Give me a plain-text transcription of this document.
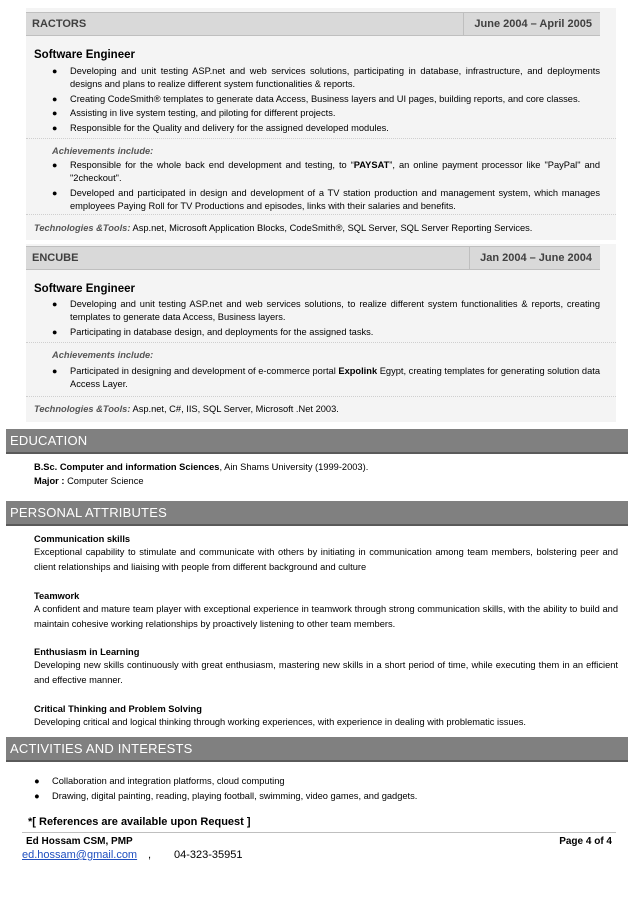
RACTORS	June 2004 – April 2005
Software Engineer
● Developing and unit testing ASP.net and web services solutions, participating in database, infrastructure, and deployments designs and plans to realize different system functionalities & reports.
● Creating CodeSmith® templates to generate data Access, Business layers and UI pages, building reports, and core classes.
● Assisting in live system testing, and piloting for different projects.
● Responsible for the Quality and delivery for the assigned developed modules.
Achievements include:
● Responsible for the whole back end development and testing, to “PAYSAT”, an online payment processor like "PayPal" and "2checkout".
● Developed and participated in design and development of a TV station production and management system, which manages employees Paying Roll for TV Productions and episodes, links with their salaries and benefits.
Technologies &Tools: Asp.net, Microsoft Application Blocks, CodeSmith®, SQL Server, SQL Server Reporting Services.
ENCUBE	Jan 2004 – June 2004
Software Engineer
● Developing and unit testing ASP.net and web services solutions, to realize different system functionalities & reports, creating templates to generate data Access, Business layers.
● Participating in database design, and deployments for the assigned tasks.
Achievements include:
● Participated in designing and development of e-commerce portal Expolink Egypt, creating templates for generating solution data Access Layer.
Technologies &Tools: Asp.net, C#, IIS, SQL Server, Microsoft .Net 2003.
EDUCATION
B.Sc. Computer and information Sciences, Ain Shams University (1999-2003).
Major : Computer Science
PERSONAL ATTRIBUTES
Communication skills
Exceptional capability to stimulate and communicate with others by initiating in communication among team members, bolstering peer and client relationships and liaising with people from different background and culture
Teamwork
A confident and mature team player with exceptional experience in teamwork through strong communication skills, with the ability to build and maintain cohesive working relationships by proactively listening to other team members.
Enthusiasm in Learning
Developing new skills continuously with great enthusiasm, mastering new skills in a short period of time, while executing them in an efficient and effective manner.
Critical Thinking and Problem Solving
Developing critical and logical thinking through working experiences, with experience in dealing with problematic issues.
ACTIVITIES AND INTERESTS
● Collaboration and integration platforms, cloud computing
● Drawing, digital painting, reading, playing football, swimming, video games, and gadgets.
*[ References are available upon Request ]
Ed Hossam CSM, PMP	Page 4 of 4
ed.hossam@gmail.com , 04-323-35951
